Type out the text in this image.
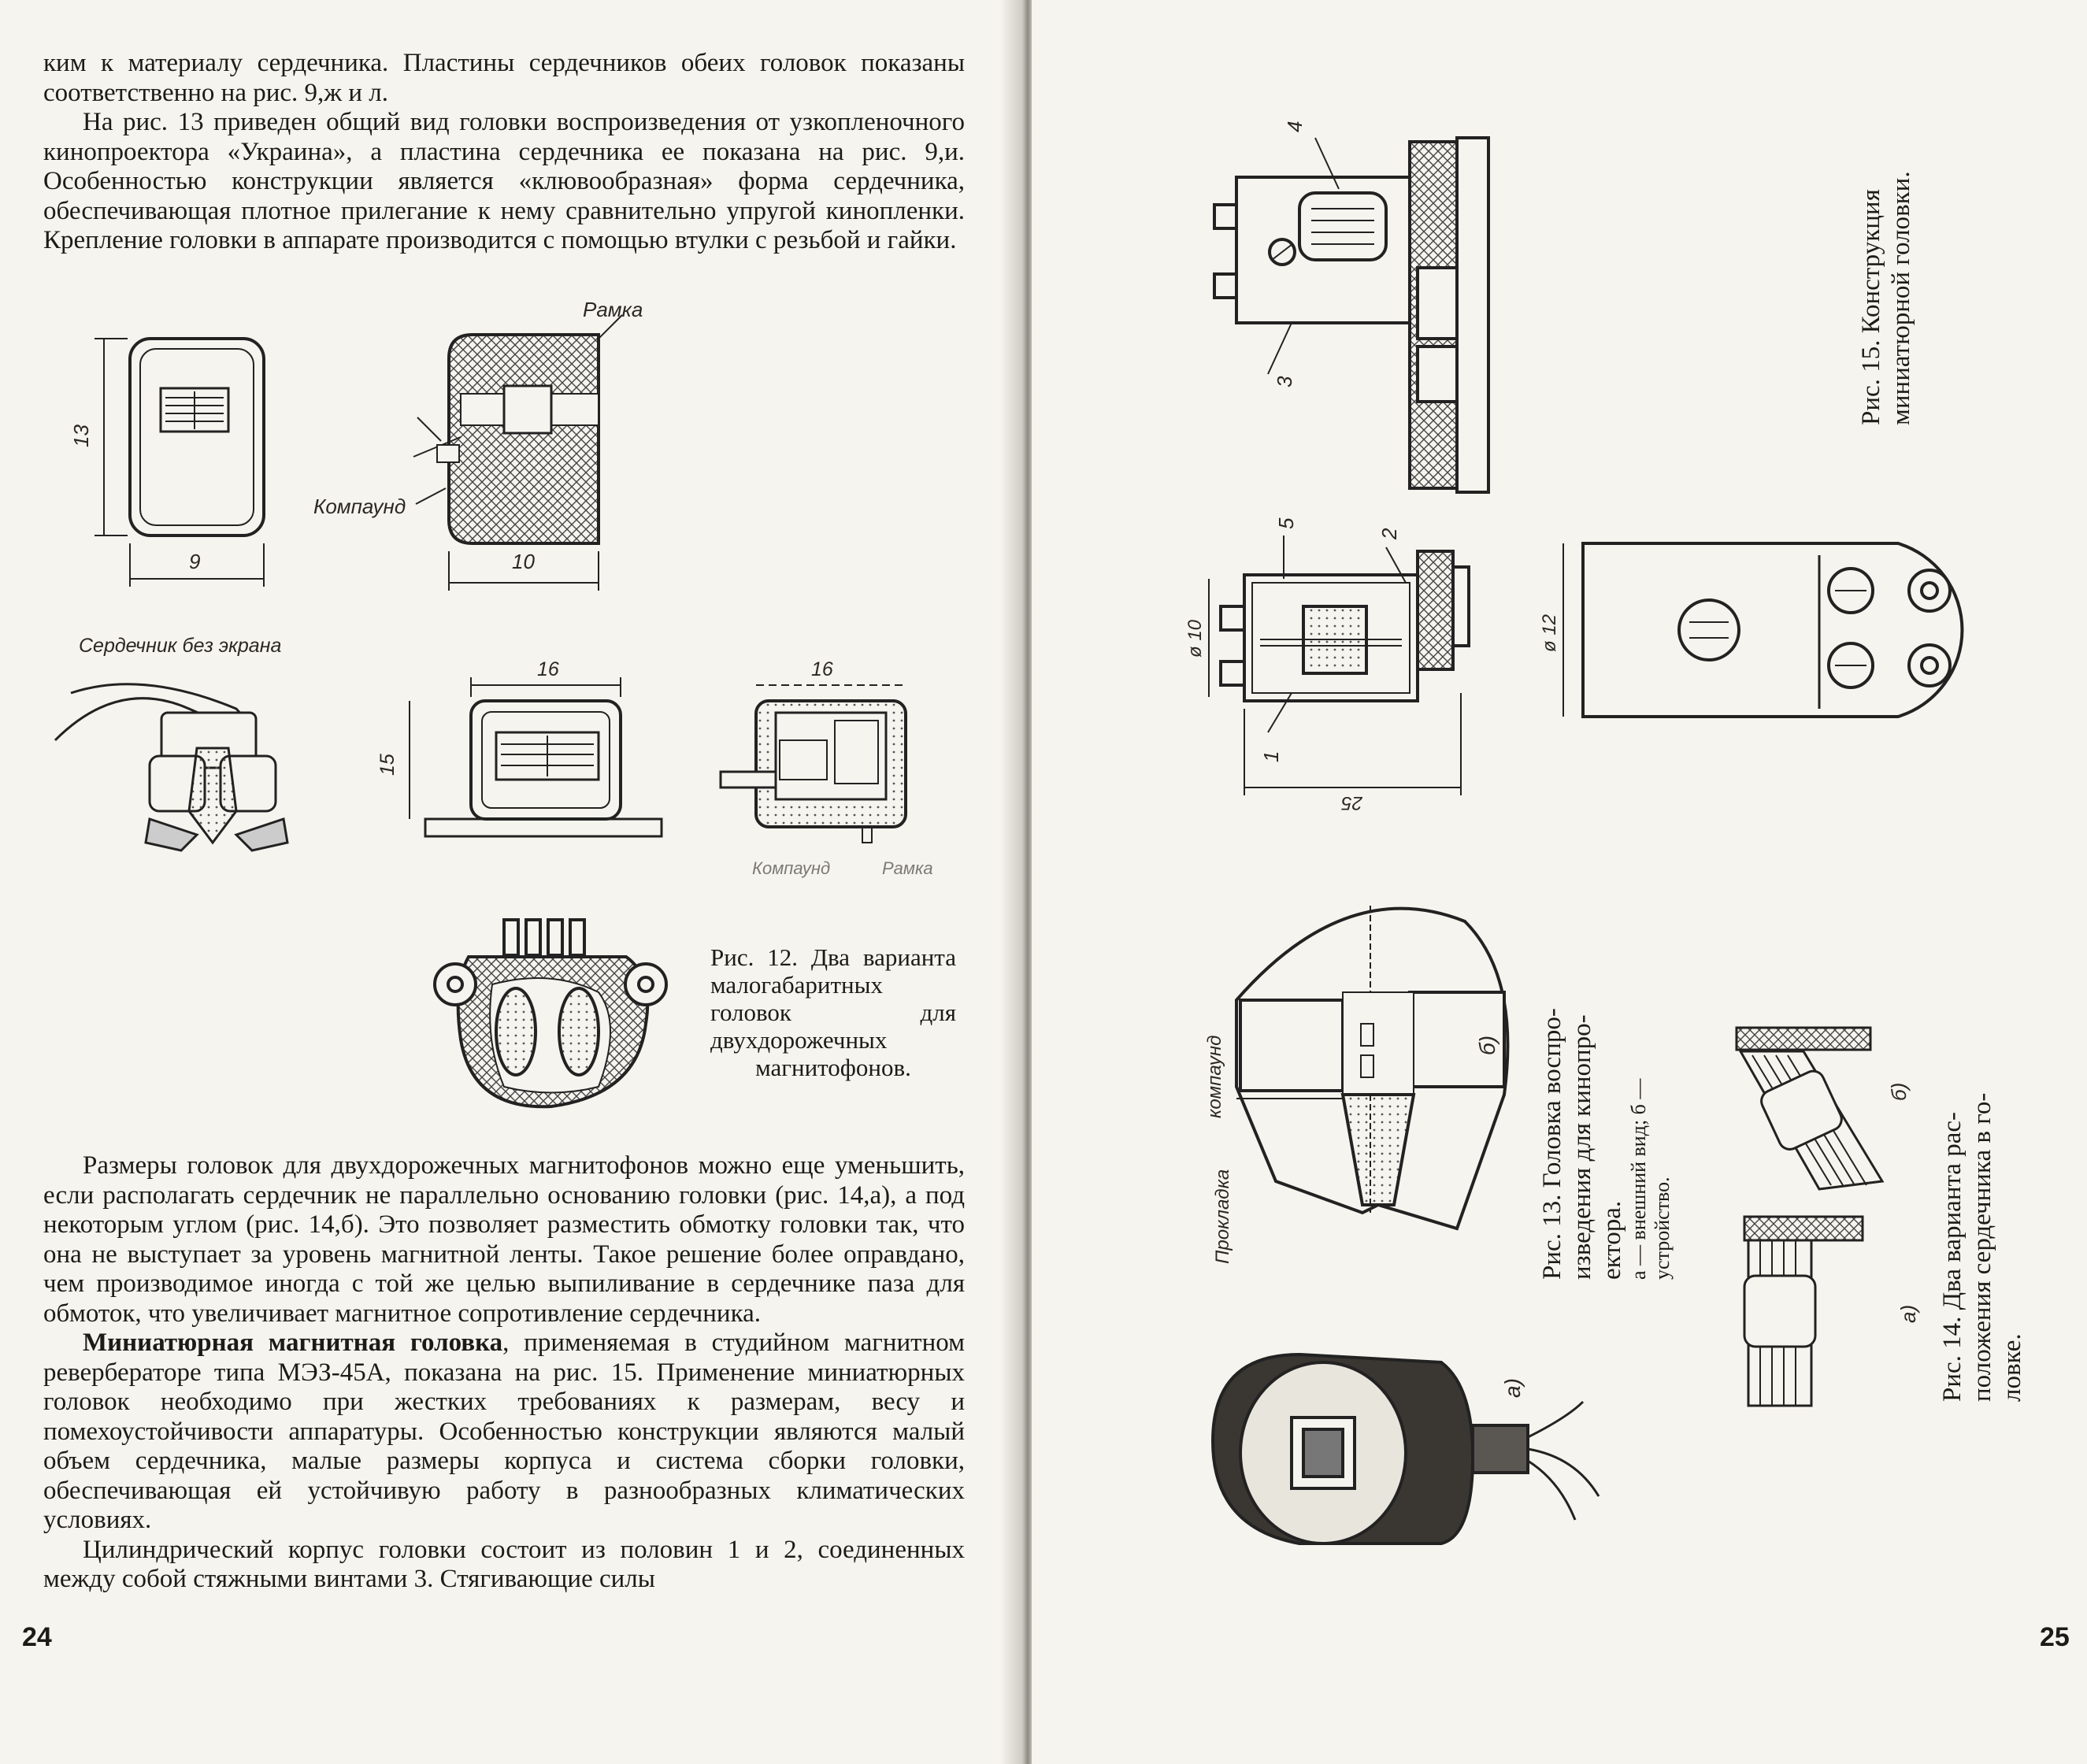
ким к материалу сердечника. Пластины сердечников обеих головок показаны соответственно на рис. 9,ж и л.

На рис. 13 приведен общий вид головки воспроизведения от узкопленочного кинопроектора «Украина», а пластина сердечника ее показана на рис. 9,и. Особенностью конструкции является «клювообразная» форма сердечника, обеспечивающая плотное прилегание к нему сравнительно упругой кинопленки. Крепление головки в аппарате производится с помощью втулки с резьбой и гайки.

13
9
Рамка
Компаунд
10
Сердечник без экрана
16
15
16
Компаунд	Рамка
Рис. 12. Два варианта малогабаритных головок для двухдорожечных магнитофонов.

Размеры головок для двухдорожечных магнитофонов можно еще уменьшить, если располагать сердечник не параллельно основанию головки (рис. 14,а), а под некоторым углом (рис. 14,б). Это позволяет разместить обмотку головки так, что она не выступает за уровень магнитной ленты. Такое решение более оправдано, чем производимое иногда с той же целью выпиливание в сердечнике паза для обмоток, что увеличивает магнитное сопротивление сердечника.

Миниатюрная магнитная головка, применяемая в студийном магнитном ревербераторе типа МЭЗ-45А, показана на рис. 15. Применение миниатюрных головок необходимо при жестких требованиях к размерам, весу и помехоустойчивости аппаратуры. Особенностью конструкции являются малый объем сердечника, малые размеры корпуса и система сборки головки, обеспечивающая ей устойчивую работу в разнообразных климатических условиях.

Цилиндрический корпус головки состоит из половин 1 и 2, соединенных между собой стяжными винтами 3. Стягивающие силы

24
4
3
5
2
1
ø 10
25
ø 12
компаунд
Прокладка
б)
а)
б)
а)
Рис. 15. Конструкция миниатюрной головки.
Рис. 13. Головка воспро- изведения для кинопро- ектора. а — внешний вид; б — устройство.	Рис. 14. Два варианта рас- положения сердечника в го- ловке.
25
